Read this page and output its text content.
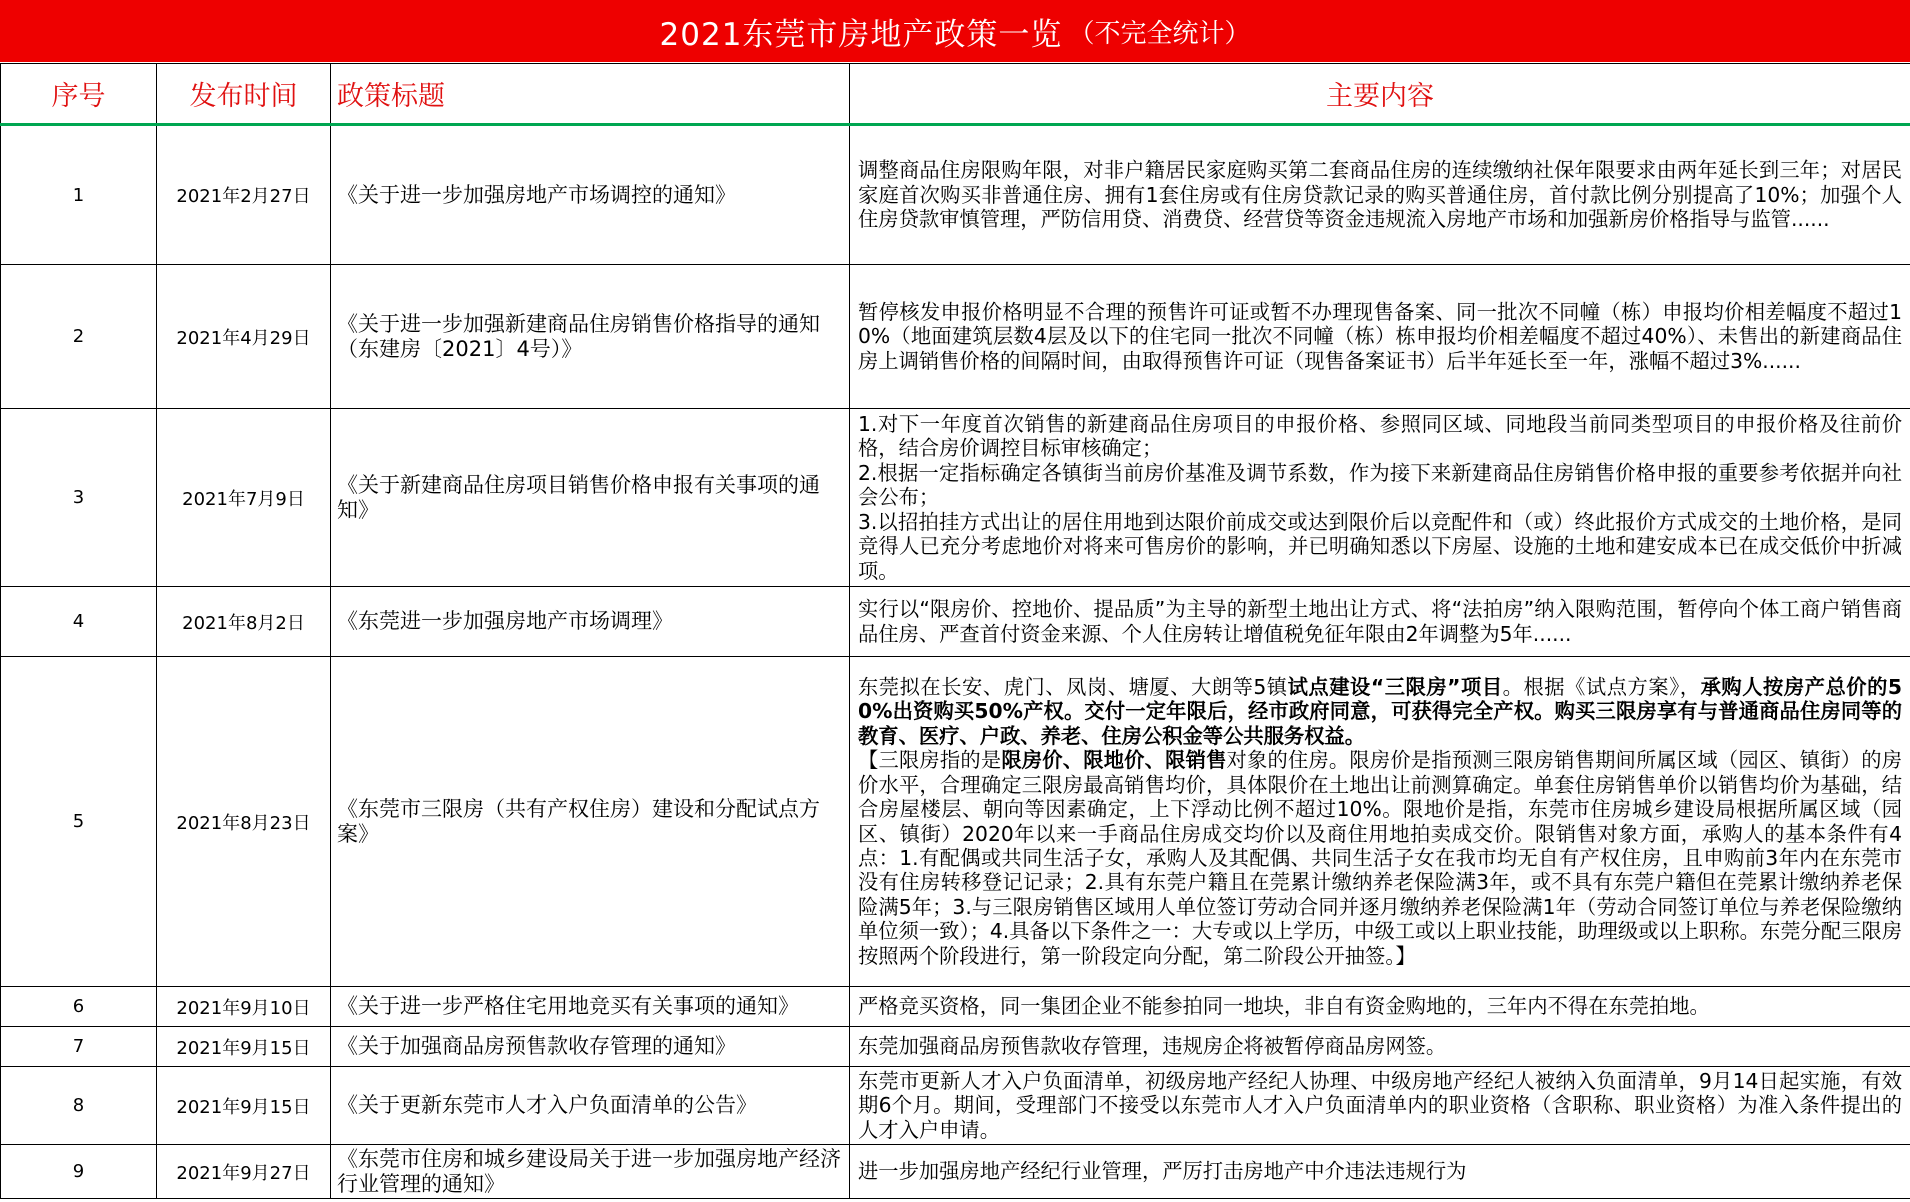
2021东莞市房地产政策一览 （不完全统计）
序号	发布时间	政策标题	主要内容
1	2021年2月27日	《关于进一步加强房地产市场调控的通知》	调整商品住房限购年限，对非户籍居民家庭购买第二套商品住房的连续缴纳社保年限要求由两年延长到三年；对居民家庭首次购买非普通住房、拥有1套住房或有住房贷款记录的购买普通住房，首付款比例分别提高了10%；加强个人住房贷款审慎管理，严防信用贷、消费贷、经营贷等资金违规流入房地产市场和加强新房价格指导与监管......
2	2021年4月29日	《关于进一步加强新建商品住房销售价格指导的通知（东建房〔2021〕4号）》	暂停核发申报价格明显不合理的预售许可证或暂不办理现售备案、同一批次不同幢（栋）申报均价相差幅度不超过10%（地面建筑层数4层及以下的住宅同一批次不同幢（栋）栋申报均价相差幅度不超过40%）、未售出的新建商品住房上调销售价格的间隔时间，由取得预售许可证（现售备案证书）后半年延长至一年，涨幅不超过3%......
3	2021年7月9日	《关于新建商品住房项目销售价格申报有关事项的通知》	1.对下一年度首次销售的新建商品住房项目的申报价格、参照同区域、同地段当前同类型项目的申报价格及往前价格，结合房价调控目标审核确定；
2.根据一定指标确定各镇街当前房价基准及调节系数，作为接下来新建商品住房销售价格申报的重要参考依据并向社会公布；
3.以招拍挂方式出让的居住用地到达限价前成交或达到限价后以竞配件和（或）终此报价方式成交的土地价格，是同竞得人已充分考虑地价对将来可售房价的影响，并已明确知悉以下房屋、设施的土地和建安成本已在成交低价中折减项。
4	2021年8月2日	《东莞进一步加强房地产市场调理》	实行以“限房价、控地价、提品质”为主导的新型土地出让方式、将“法拍房”纳入限购范围，暂停向个体工商户销售商品住房、严查首付资金来源、个人住房转让增值税免征年限由2年调整为5年......
5	2021年8月23日	《东莞市三限房（共有产权住房）建设和分配试点方案》	东莞拟在长安、虎门、凤岗、塘厦、大朗等5镇试点建设“三限房”项目。根据《试点方案》，承购人按房产总价的50%出资购买50%产权。交付一定年限后，经市政府同意，可获得完全产权。购买三限房享有与普通商品住房同等的教育、医疗、户政、养老、住房公积金等公共服务权益。
【三限房指的是限房价、限地价、限销售对象的住房。限房价是指预测三限房销售期间所属区域（园区、镇街）的房价水平，合理确定三限房最高销售均价，具体限价在土地出让前测算确定。单套住房销售单价以销售均价为基础，结合房屋楼层、朝向等因素确定，上下浮动比例不超过10%。限地价是指，东莞市住房城乡建设局根据所属区域（园区、镇街）2020年以来一手商品住房成交均价以及商住用地拍卖成交价。限销售对象方面，承购人的基本条件有4点：1.有配偶或共同生活子女，承购人及其配偶、共同生活子女在我市均无自有产权住房，且申购前3年内在东莞市没有住房转移登记记录；2.具有东莞户籍且在莞累计缴纳养老保险满3年，或不具有东莞户籍但在莞累计缴纳养老保险满5年；3.与三限房销售区域用人单位签订劳动合同并逐月缴纳养老保险满1年（劳动合同签订单位与养老保险缴纳单位须一致）；4.具备以下条件之一：大专或以上学历，中级工或以上职业技能，助理级或以上职称。东莞分配三限房按照两个阶段进行，第一阶段定向分配，第二阶段公开抽签。】
6	2021年9月10日	《关于进一步严格住宅用地竞买有关事项的通知》	严格竞买资格，同一集团企业不能参拍同一地块，非自有资金购地的，三年内不得在东莞拍地。
7	2021年9月15日	《关于加强商品房预售款收存管理的通知》	东莞加强商品房预售款收存管理，违规房企将被暂停商品房网签。
8	2021年9月15日	《关于更新东莞市人才入户负面清单的公告》	东莞市更新人才入户负面清单，初级房地产经纪人协理、中级房地产经纪人被纳入负面清单，9月14日起实施，有效期6个月。期间，受理部门不接受以东莞市人才入户负面清单内的职业资格（含职称、职业资格）为准入条件提出的人才入户申请。
9	2021年9月27日	《东莞市住房和城乡建设局关于进一步加强房地产经济行业管理的通知》	进一步加强房地产经纪行业管理，严厉打击房地产中介违法违规行为
